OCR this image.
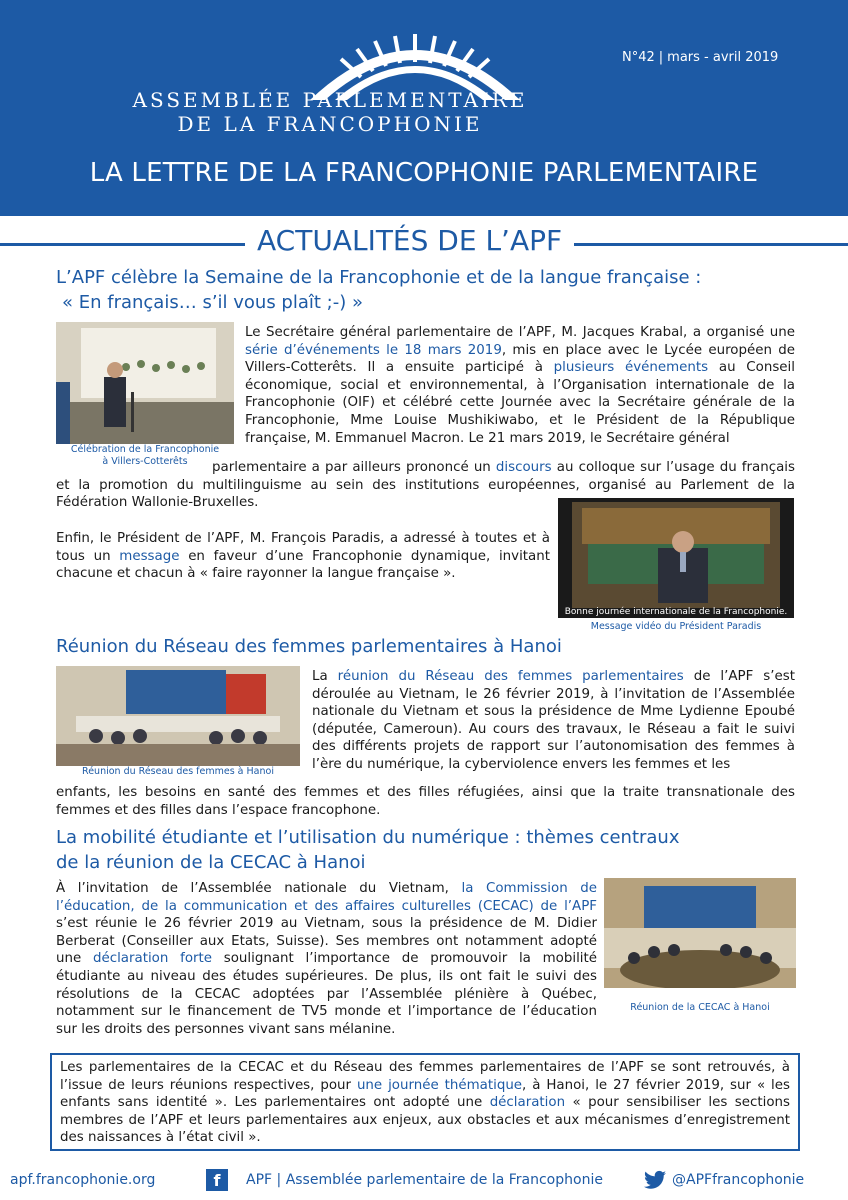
ASSEMBLÉE PARLEMENTAIRE
DE LA FRANCOPHONIE
N°42 | mars - avril 2019
LA LETTRE DE LA FRANCOPHONIE PARLEMENTAIRE
ACTUALITÉS DE L’APF
L’APF célèbre la Semaine de la Francophonie et de la langue française :
« En français… s’il vous plaît ;-) »
Célébration de la Francophonie
à Villers-Cotterêts
Le Secrétaire général parlementaire de l’APF, M. Jacques Krabal, a organisé une série d’événements le 18 mars 2019, mis en place avec le Lycée européen de Villers-Cotterêts. Il a ensuite participé à plusieurs événements au Conseil économique, social et environnemental, à l’Organisation internationale de la Francophonie (OIF) et célébré cette Journée avec la Secrétaire générale de la Francophonie, Mme Louise Mushikiwabo, et le Président de la République française, M. Emmanuel Macron. Le 21 mars 2019, le Secrétaire général
parlementaire a par ailleurs prononcé un discours au colloque sur l’usage du français et la promotion du multilinguisme au sein des institutions européennes, organisé au Parlement de la Fédération Wallonie-Bruxelles.
Enfin, le Président de l’APF, M. François Paradis, a adressé à toutes et à tous un message en faveur d’une Francophonie dynamique, invitant chacune et chacun à « faire rayonner la langue française ».
Bonne journée internationale de la Francophonie.
Message vidéo du Président Paradis
Réunion du Réseau des femmes parlementaires à Hanoi
Réunion du Réseau des femmes à Hanoi
La réunion du Réseau des femmes parlementaires de l’APF s’est déroulée au Vietnam, le 26 février 2019, à l’invitation de l’Assemblée nationale du Vietnam et sous la présidence de Mme Lydienne Epoubé (députée, Cameroun). Au cours des travaux, le Réseau a fait le suivi des différents projets de rapport sur l’autonomisation des femmes à l’ère du numérique, la cyberviolence envers les femmes et les
enfants, les besoins en santé des femmes et des filles réfugiées, ainsi que la traite transnationale des femmes et des filles dans l’espace francophone.
La mobilité étudiante et l’utilisation du numérique : thèmes centraux
de la réunion de la CECAC à Hanoi
À l’invitation de l’Assemblée nationale du Vietnam, la Commission de l’éducation, de la communication et des affaires culturelles (CECAC) de l’APF s’est réunie le 26 février 2019 au Vietnam, sous la présidence de M. Didier Berberat (Conseiller aux Etats, Suisse). Ses membres ont notamment adopté une déclaration forte soulignant l’importance de promouvoir la mobilité étudiante au niveau des études supérieures. De plus, ils ont fait le suivi des résolutions de la CECAC adoptées par l’Assemblée plénière à Québec, notamment sur le financement de TV5 monde et l’importance de l’éducation sur les droits des personnes vivant sans mélanine.
Réunion de la CECAC à Hanoi
Les parlementaires de la CECAC et du Réseau des femmes parlementaires de l’APF se sont retrouvés, à l’issue de leurs réunions respectives, pour une journée thématique, à Hanoi, le 27 février 2019, sur « les enfants sans identité ». Les parlementaires ont adopté une déclaration « pour sensibiliser les sections membres de l’APF et leurs parlementaires aux enjeux, aux obstacles et aux mécanismes d’enregistrement des naissances à l’état civil ».
apf.francophonie.org	f	APF | Assemblée parlementaire de la Francophonie	@APFfrancophonie
